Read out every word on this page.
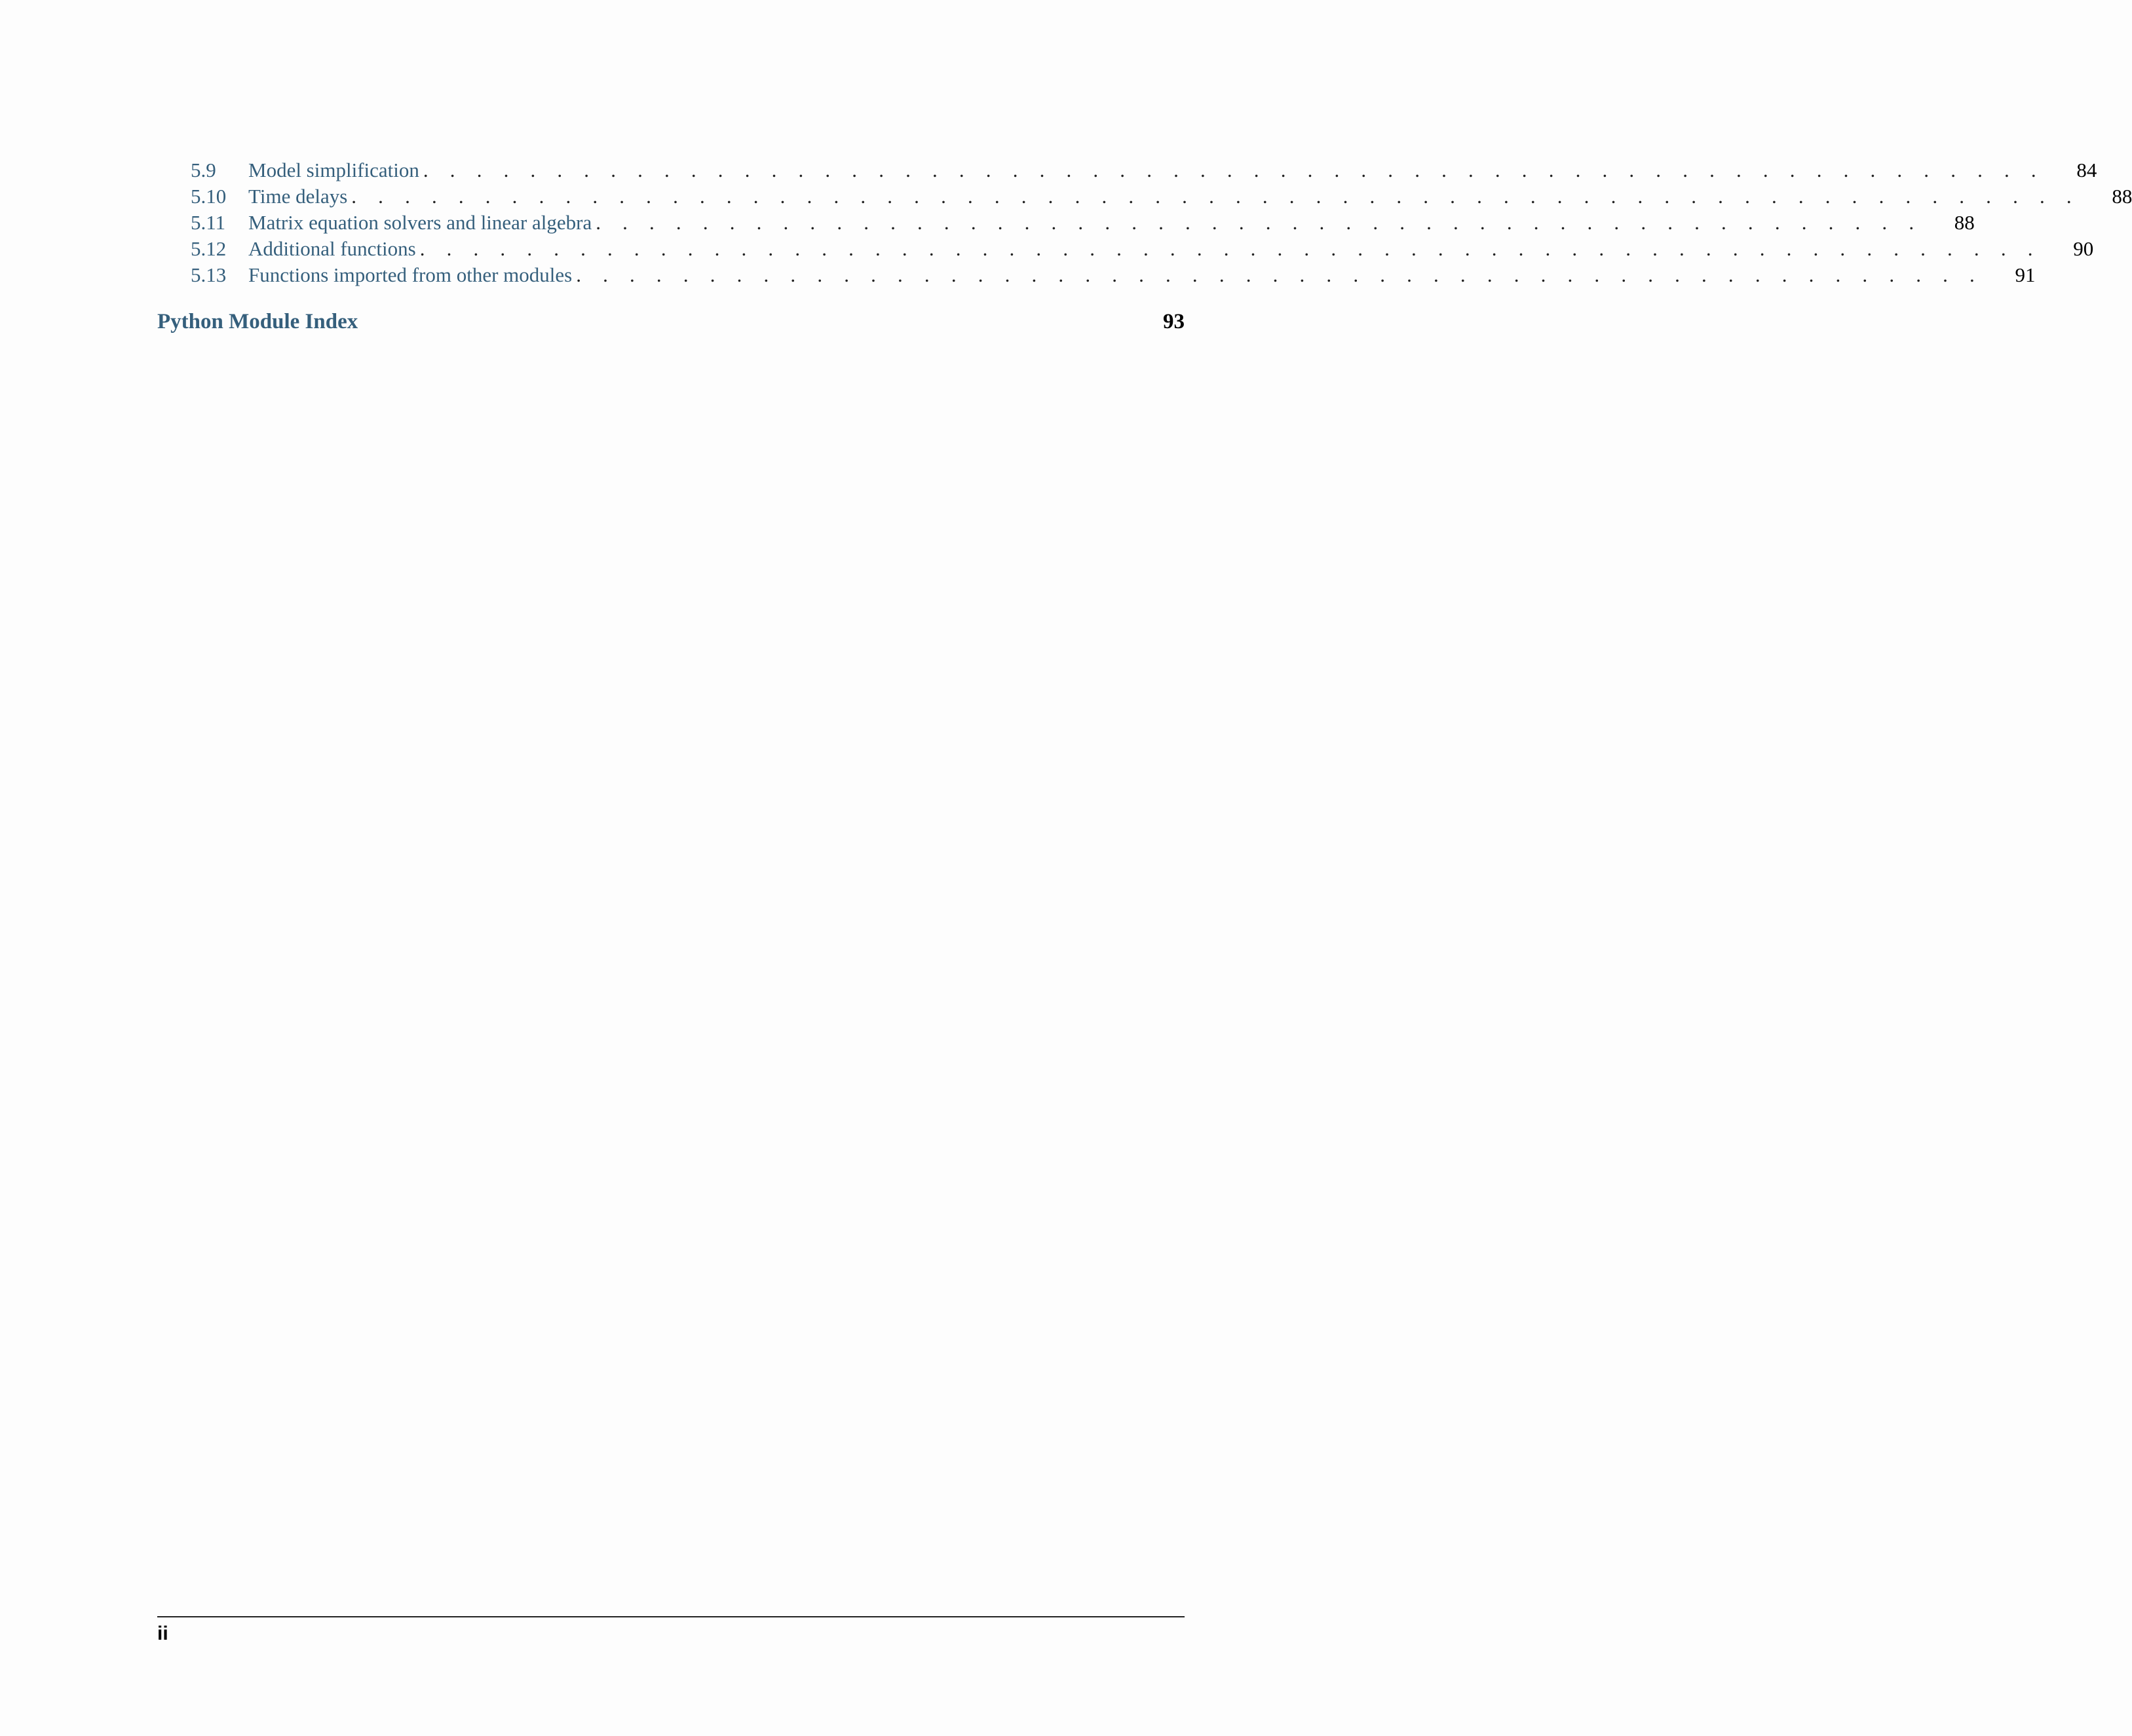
5.9	Model simplification . . . . . . . . . . . . . . . . . . . . . . . . . . . . . . . . . . . . . . . . . . . . . . . . . . . . . . . . . . . . .	84
5.10	Time delays . . . . . . . . . . . . . . . . . . . . . . . . . . . . . . . . . . . . . . . . . . . . . . . . . . . . . . . . . . . . . . . . .	88
5.11	Matrix equation solvers and linear algebra . . . . . . . . . . . . . . . . . . . . . . . . . . . . . . . . . . . . . . . . . . . . . . . . . .	88
5.12	Additional functions . . . . . . . . . . . . . . . . . . . . . . . . . . . . . . . . . . . . . . . . . . . . . . . . . . . . . . . . . . . . .	90
5.13	Functions imported from other modules . . . . . . . . . . . . . . . . . . . . . . . . . . . . . . . . . . . . . . . . . . . . . . . . . . . . .	91
Python Module Index	93
ii
